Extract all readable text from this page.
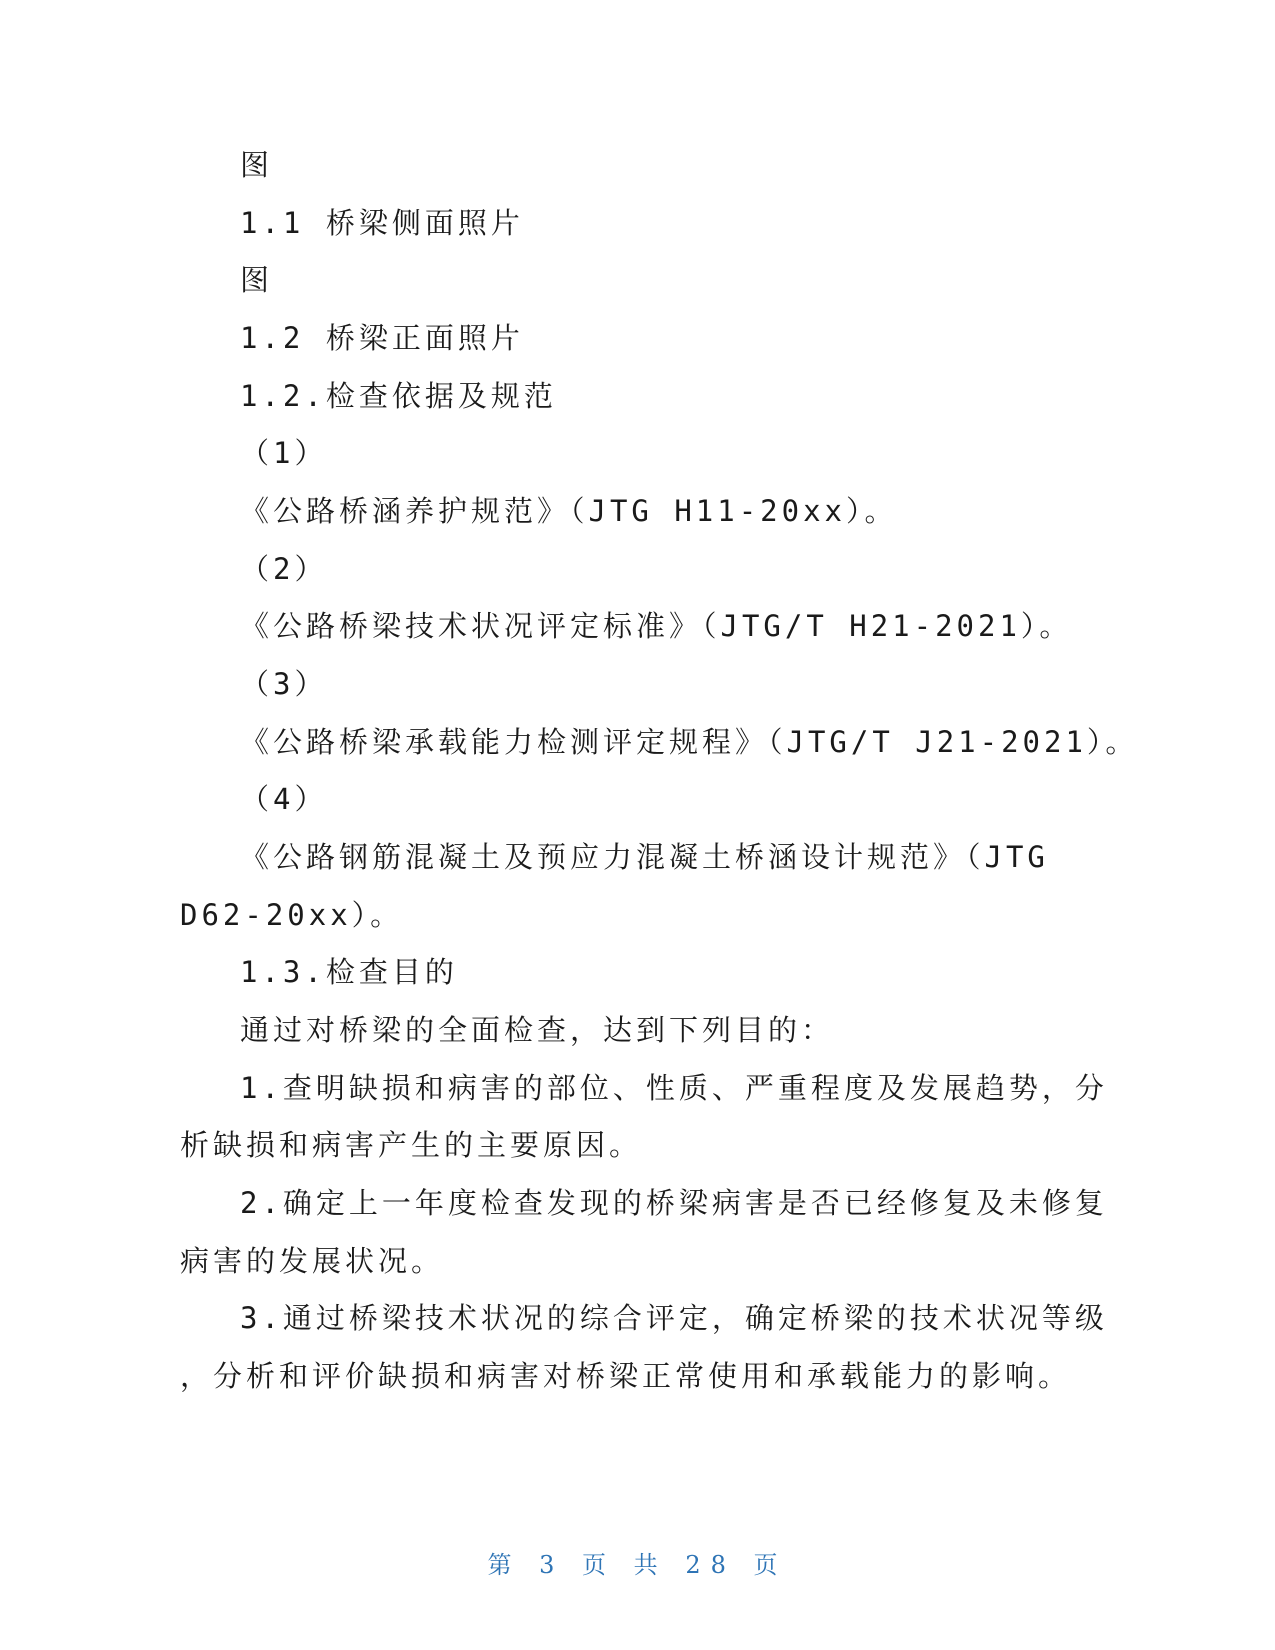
图
1.1 桥梁侧面照片
图
1.2 桥梁正面照片
1.2.检查依据及规范
（1）
《公路桥涵养护规范》（JTG H11-20xx）。
（2）
《公路桥梁技术状况评定标准》（JTG/T H21-2021）。
（3）
《公路桥梁承载能力检测评定规程》（JTG/T J21-2021）。
（4）
《公路钢筋混凝土及预应力混凝土桥涵设计规范》（JTG
D62-20xx）。
1.3.检查目的
通过对桥梁的全面检查，达到下列目的：
1.查明缺损和病害的部位、性质、严重程度及发展趋势，分
析缺损和病害产生的主要原因。
2.确定上一年度检查发现的桥梁病害是否已经修复及未修复
病害的发展状况。
3.通过桥梁技术状况的综合评定，确定桥梁的技术状况等级
，分析和评价缺损和病害对桥梁正常使用和承载能力的影响。
第 3 页 共 28 页
